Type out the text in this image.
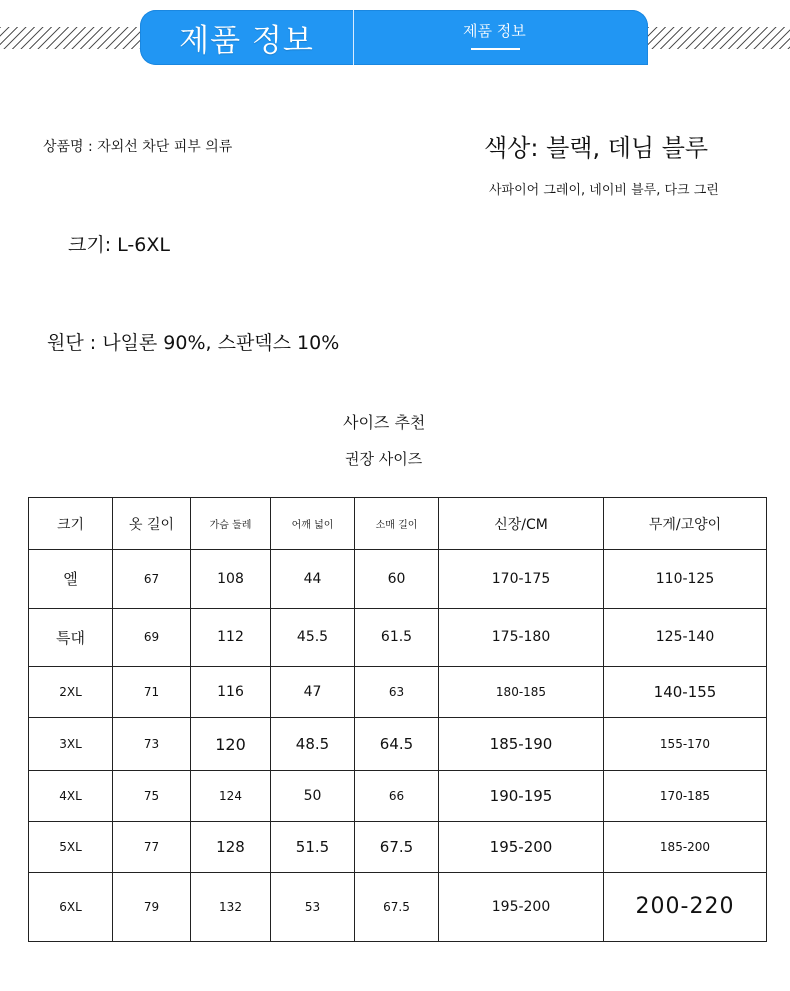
제품 정보	제품 정보
상품명 : 자외선 차단 피부 의류	색상: 블랙, 데님 블루
사파이어 그레이, 네이비 블루, 다크 그린
크기: L-6XL
원단 : 나일론 90%, 스판덱스 10%
사이즈 추천
권장 사이즈
크기	옷 길이	가슴 둘레	어깨 넓이	소매 길이	신장/CM	무게/고양이
엘	67	108	44	60	170-175	110-125
특대	69	112	45.5	61.5	175-180	125-140
2XL	71	116	47	63	180-185	140-155
3XL	73	120	48.5	64.5	185-190	155-170
4XL	75	124	50	66	190-195	170-185
5XL	77	128	51.5	67.5	195-200	185-200
6XL	79	132	53	67.5	195-200	200-220
